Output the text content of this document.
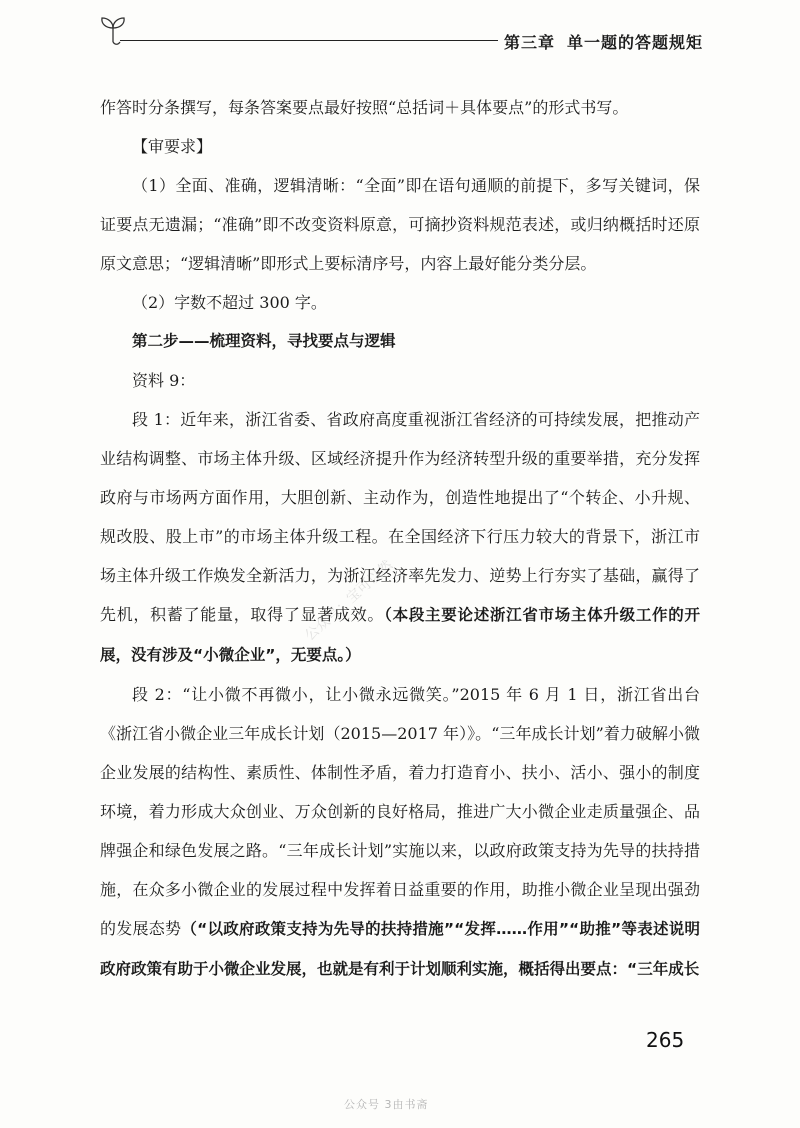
第三章 单一题的答题规矩
公众号：宝可以然

作答时分条撰写，每条答案要点最好按照“总括词＋具体要点”的形式书写。

【审要求】

（1）全面、准确，逻辑清晰：“全面”即在语句通顺的前提下，多写关键词，保证要点无遗漏；“准确”即不改变资料原意，可摘抄资料规范表述，或归纳概括时还原原文意思；“逻辑清晰”即形式上要标清序号，内容上最好能分类分层。

（2）字数不超过 300 字。

第二步——梳理资料，寻找要点与逻辑

资料 9：

段 1：近年来，浙江省委、省政府高度重视浙江省经济的可持续发展，把推动产业结构调整、市场主体升级、区域经济提升作为经济转型升级的重要举措，充分发挥政府与市场两方面作用，大胆创新、主动作为，创造性地提出了“个转企、小升规、规改股、股上市”的市场主体升级工程。在全国经济下行压力较大的背景下，浙江市场主体升级工作焕发全新活力，为浙江经济率先发力、逆势上行夯实了基础，赢得了先机，积蓄了能量，取得了显著成效。（本段主要论述浙江省市场主体升级工作的开展，没有涉及“小微企业”，无要点。）

段 2：“让小微不再微小，让小微永远微笑。”2015 年 6 月 1 日，浙江省出台《浙江省小微企业三年成长计划（2015—2017 年）》。“三年成长计划”着力破解小微企业发展的结构性、素质性、体制性矛盾，着力打造育小、扶小、活小、强小的制度环境，着力形成大众创业、万众创新的良好格局，推进广大小微企业走质量强企、品牌强企和绿色发展之路。“三年成长计划”实施以来，以政府政策支持为先导的扶持措施，在众多小微企业的发展过程中发挥着日益重要的作用，助推小微企业呈现出强劲的发展态势（“以政府政策支持为先导的扶持措施”“发挥……作用”“助推”等表述说明政府政策有助于小微企业发展，也就是有利于计划顺利实施，概括得出要点：“三年成长

265
公众号 3由书斋
